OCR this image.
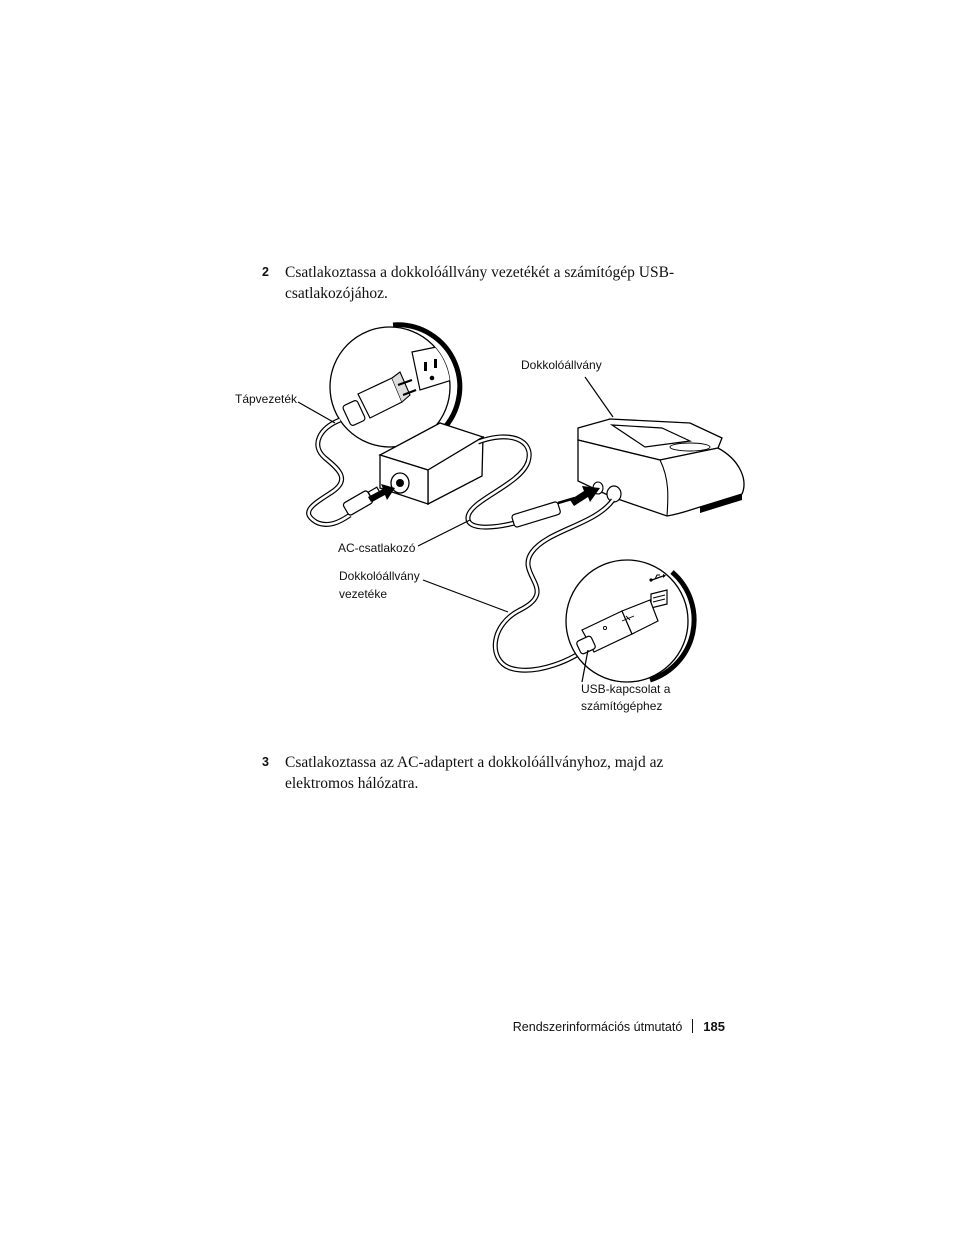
2 Csatlakoztassa a dokkolóállvány vezetékét a számítógép USB-csatlakozójához.
Tápvezeték
Dokkolóállvány
AC-csatlakozó
Dokkolóállvány
vezetéke
USB-kapcsolat a
számítógéphez
3 Csatlakoztassa az AC-adaptert a dokkolóállványhoz, majd az elektromos hálózatra.
Rendszerinformációs útmutató 185
